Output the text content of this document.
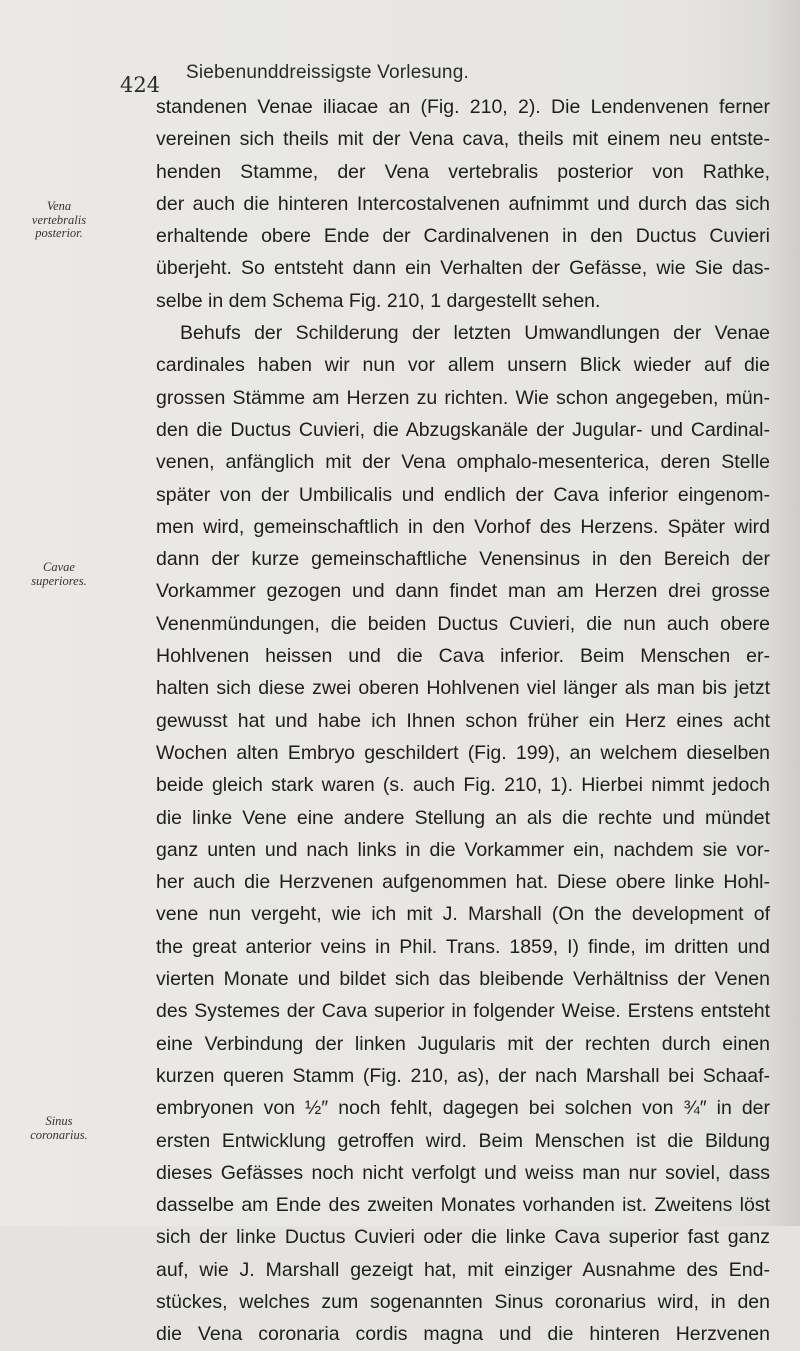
424
Siebenunddreissigste Vorlesung.
Vena
vertebralis
posterior.
Cavae
superiores.
Sinus
coronarius.
standenen Venae iliacae an (Fig. 210, 2). Die Lendenvenen ferner
vereinen sich theils mit der Vena cava, theils mit einem neu entste-
henden Stamme, der Vena vertebralis posterior von Rathke,
der auch die hinteren Intercostalvenen aufnimmt und durch das sich
erhaltende obere Ende der Cardinalvenen in den Ductus Cuvieri
überjeht. So entsteht dann ein Verhalten der Gefässe, wie Sie das-
selbe in dem Schema Fig. 210, 1 dargestellt sehen.
Behufs der Schilderung der letzten Umwandlungen der Venae
cardinales haben wir nun vor allem unsern Blick wieder auf die
grossen Stämme am Herzen zu richten. Wie schon angegeben, mün-
den die Ductus Cuvieri, die Abzugskanäle der Jugular- und Cardinal-
venen, anfänglich mit der Vena omphalo-mesenterica, deren Stelle
später von der Umbilicalis und endlich der Cava inferior eingenom-
men wird, gemeinschaftlich in den Vorhof des Herzens. Später wird
dann der kurze gemeinschaftliche Venensinus in den Bereich der
Vorkammer gezogen und dann findet man am Herzen drei grosse
Venenmündungen, die beiden Ductus Cuvieri, die nun auch obere
Hohlvenen heissen und die Cava inferior. Beim Menschen er-
halten sich diese zwei oberen Hohlvenen viel länger als man bis jetzt
gewusst hat und habe ich Ihnen schon früher ein Herz eines acht
Wochen alten Embryo geschildert (Fig. 199), an welchem dieselben
beide gleich stark waren (s. auch Fig. 210, 1). Hierbei nimmt jedoch
die linke Vene eine andere Stellung an als die rechte und mündet
ganz unten und nach links in die Vorkammer ein, nachdem sie vor-
her auch die Herzvenen aufgenommen hat. Diese obere linke Hohl-
vene nun vergeht, wie ich mit J. Marshall (On the development of
the great anterior veins in Phil. Trans. 1859, I) finde, im dritten und
vierten Monate und bildet sich das bleibende Verhältniss der Venen
des Systemes der Cava superior in folgender Weise. Erstens entsteht
eine Verbindung der linken Jugularis mit der rechten durch einen
kurzen queren Stamm (Fig. 210, as), der nach Marshall bei Schaaf-
embryonen von ½″ noch fehlt, dagegen bei solchen von ¾″ in der
ersten Entwicklung getroffen wird. Beim Menschen ist die Bildung
dieses Gefässes noch nicht verfolgt und weiss man nur soviel, dass
dasselbe am Ende des zweiten Monates vorhanden ist. Zweitens löst
sich der linke Ductus Cuvieri oder die linke Cava superior fast ganz
auf, wie J. Marshall gezeigt hat, mit einziger Ausnahme des End-
stückes, welches zum sogenannten Sinus coronarius wird, in den
die Vena coronaria cordis magna und die hinteren Herzvenen
